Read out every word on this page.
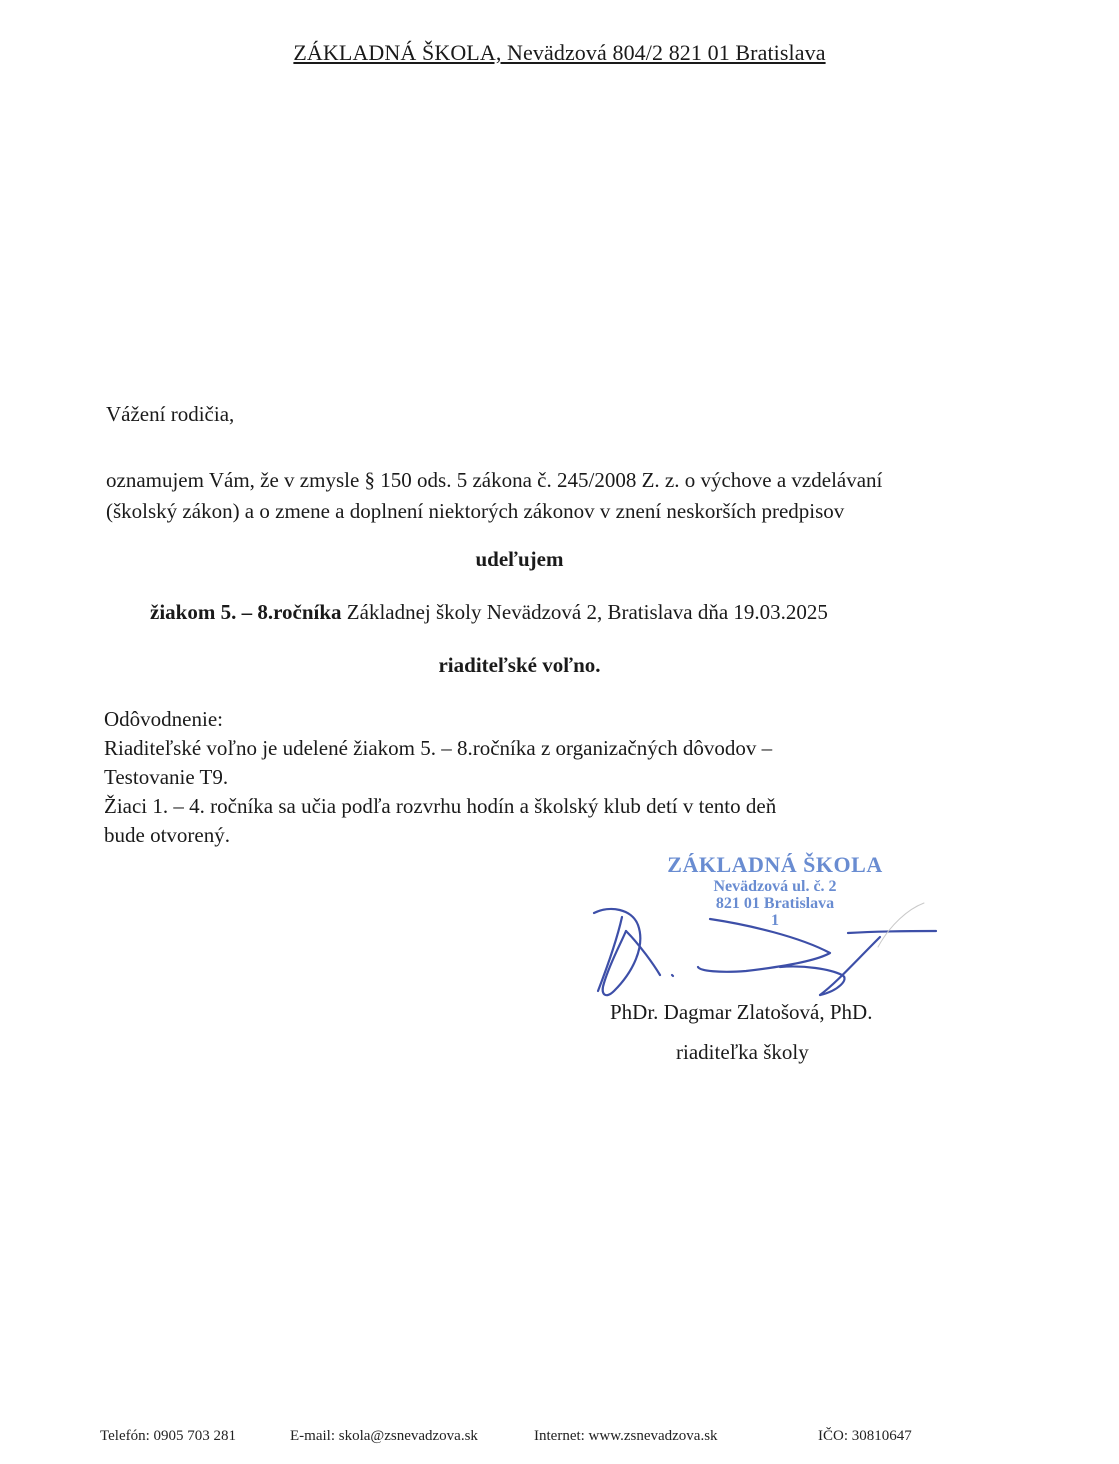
ZÁKLADNÁ ŠKOLA, Nevädzová 804/2 821 01 Bratislava
Vážení rodičia,
oznamujem Vám, že v zmysle § 150 ods. 5 zákona č. 245/2008 Z. z. o výchove a vzdelávaní
(školský zákon) a o zmene a doplnení niektorých zákonov v znení neskorších predpisov
udeľujem
žiakom 5. – 8.ročníka Základnej školy Nevädzová 2, Bratislava dňa 19.03.2025
riaditeľské voľno.
Odôvodnenie:
Riaditeľské voľno je udelené žiakom 5. – 8.ročníka z organizačných dôvodov –
Testovanie T9.
Žiaci 1. – 4. ročníka sa učia podľa rozvrhu hodín a školský klub detí v tento deň
bude otvorený.
ZÁKLADNÁ ŠKOLA
Nevädzová ul. č. 2
821 01 Bratislava
1
PhDr. Dagmar Zlatošová, PhD.
riaditeľka školy
Telefón: 0905 703 281	E-mail: skola@zsnevadzova.sk	Internet: www.zsnevadzova.sk	IČO: 30810647
